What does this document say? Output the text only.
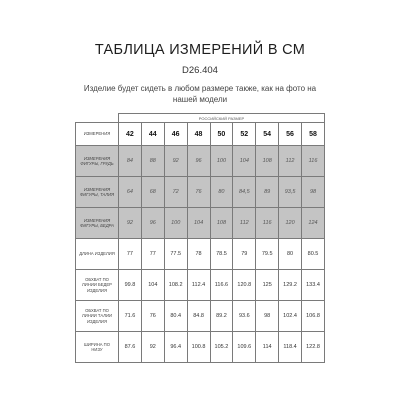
ТАБЛИЦА ИЗМЕРЕНИЙ В СМ
D26.404
Изделие будет сидеть в любом размере также, как на фото на
нашей модели
	РОССИЙСКИЙ РАЗМЕР								
ИЗМЕРЕНИЯ	42	44	46	48	50	52	54	56	58

ИЗМЕРЕНИЯ
ФИГУРЫ, ГРУДЬ	84	88	92	96	100	104	108	112	116

ИЗМЕРЕНИЯ
ФИГУРЫ, ТАЛИЯ	64	68	72	76	80	84,5	89	93,5	98

ИЗМЕРЕНИЯ
ФИГУРЫ, БЕДРА	92	96	100	104	108	112	116	120	124

ДЛИНА ИЗДЕЛИЯ	77	77	77.5	78	78.5	79	79.5	80	80.5

ОБХВАТ ПО
ЛИНИИ БЕДЕР
ИЗДЕЛИЯ	99.8	104	108.2	112.4	116.6	120.8	125	129.2	133.4

ОБХВАТ ПО
ЛИНИИ ТАЛИИ
ИЗДЕЛИЯ	71.6	76	80.4	84.8	89.2	93.6	98	102.4	106.8

ШИРИНА ПО
НИЗУ	87.6	92	96.4	100.8	105.2	109.6	114	118.4	122.8
